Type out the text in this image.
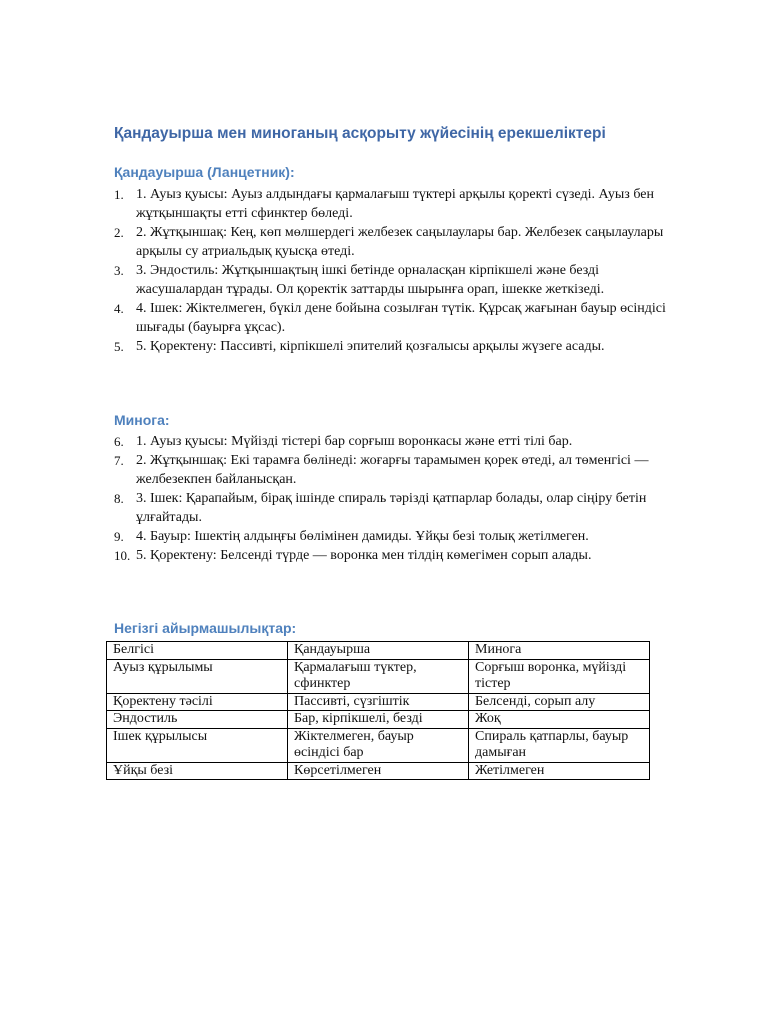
Қандауырша мен миноганың асқорыту жүйесінің ерекшеліктері
Қандауырша (Ланцетник):
1. 1. Ауыз қуысы: Ауыз алдындағы қармалағыш түктері арқылы қоректі сүзеді. Ауыз бен жұтқыншақты етті сфинктер бөледі.
2. 2. Жұтқыншақ: Кең, көп мөлшердегі желбезек саңылаулары бар. Желбезек саңылаулары арқылы су атриальдық қуысқа өтеді.
3. 3. Эндостиль: Жұтқыншақтың ішкі бетінде орналасқан кірпікшелі және безді жасушалардан тұрады. Ол қоректік заттарды шырынға орап, ішекке жеткізеді.
4. 4. Ішек: Жіктелмеген, бүкіл дене бойына созылған түтік. Құрсақ жағынан бауыр өсіндісі шығады (бауырға ұқсас).
5. 5. Қоректену: Пассивті, кірпікшелі эпителий қозғалысы арқылы жүзеге асады.
Минога:
6. 1. Ауыз қуысы: Мүйізді тістері бар сорғыш воронкасы және етті тілі бар.
7. 2. Жұтқыншақ: Екі тарамға бөлінеді: жоғарғы тарамымен қорек өтеді, ал төменгісі — желбезекпен байланысқан.
8. 3. Ішек: Қарапайым, бірақ ішінде спираль тәрізді қатпарлар болады, олар сіңіру бетін ұлғайтады.
9. 4. Бауыр: Ішектің алдыңғы бөлімінен дамиды. Ұйқы безі толық жетілмеген.
10. 5. Қоректену: Белсенді түрде — воронка мен тілдің көмегімен сорып алады.
Негізгі айырмашылықтар:
Белгісі	Қандауырша	Минога
Ауыз құрылымы	Қармалағыш түктер, сфинктер	Сорғыш воронка, мүйізді тістер
Қоректену тәсілі	Пассивті, сүзгіштік	Белсенді, сорып алу
Эндостиль	Бар, кірпікшелі, безді	Жоқ
Ішек құрылысы	Жіктелмеген, бауыр өсіндісі бар	Спираль қатпарлы, бауыр дамыған
Ұйқы безі	Көрсетілмеген	Жетілмеген
